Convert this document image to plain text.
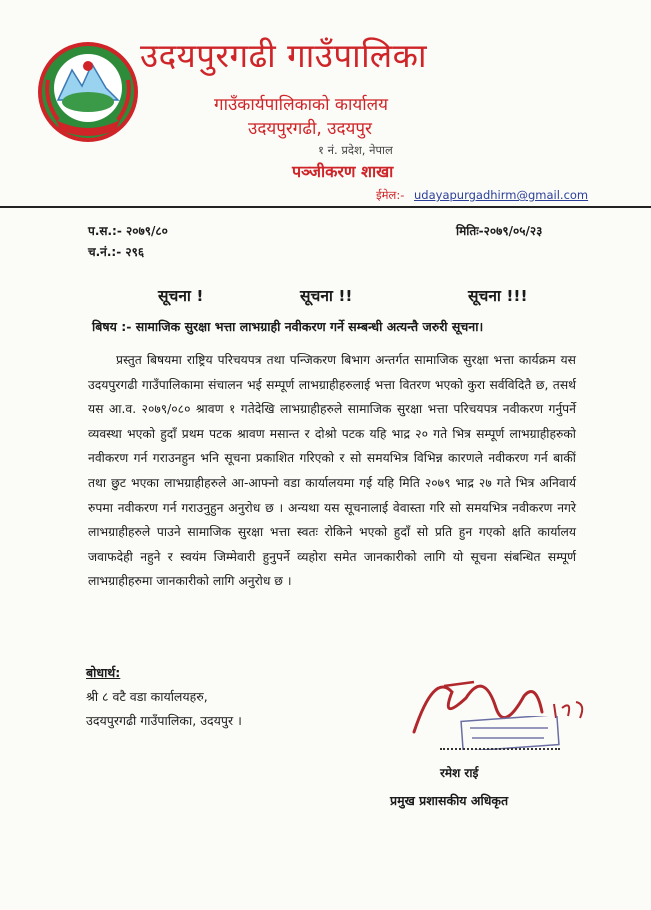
उदयपुरगढी गाउँपालिका
गाउँकार्यपालिकाको कार्यालय
उदयपुरगढी, उदयपुर
१ नं. प्रदेश, नेपाल
पञ्जीकरण शाखा
ईमेल:- udayapurgadhirm@gmail.com
प.स.:- २०७९/८०
च.नं.:- २९६
मितिः-२०७९/०५/२३
सूचना !	सूचना !!	सूचना !!!
बिषय :- सामाजिक सुरक्षा भत्ता लाभग्राही नवीकरण गर्ने सम्बन्धी अत्यन्तै जरुरी सूचना।
प्रस्तुत बिषयमा राष्ट्रिय परिचयपत्र तथा पन्जिकरण बिभाग अन्तर्गत सामाजिक सुरक्षा भत्ता कार्यक्रम यस उदयपुरगढी गाउँपालिकामा संचालन भई सम्पूर्ण लाभग्राहीहरुलाई भत्ता वितरण भएको कुरा सर्वविदितै छ, तसर्थ यस आ.व. २०७९/०८० श्रावण १ गतेदेखि लाभग्राहीहरुले सामाजिक सुरक्षा भत्ता परिचयपत्र नवीकरण गर्नुपर्ने व्यवस्था भएको हुदाँ प्रथम पटक श्रावण मसान्त र दोश्रो पटक यहि भाद्र २० गते भित्र सम्पूर्ण लाभग्राहीहरुको नवीकरण गर्न गराउनहुन भनि सूचना प्रकाशित गरिएको र सो समयभित्र विभिन्न कारणले नवीकरण गर्न बाकीं तथा छुट भएका लाभग्राहीहरुले आ-आफ्नो वडा कार्यालयमा गई यहि मिति २०७९ भाद्र २७ गते भित्र अनिवार्य रुपमा नवीकरण गर्न गराउनुहुन अनुरोध छ । अन्यथा यस सूचनालाई वेवास्ता गरि सो समयभित्र नवीकरण नगरे लाभग्राहीहरुले पाउने सामाजिक सुरक्षा भत्ता स्वतः रोकिने भएको हुदाँ सो प्रति हुन गएको क्षति कार्यालय जवाफदेही नहुने र स्वयंम जिम्मेवारी हुनुपर्ने व्यहोरा समेत जानकारीको लागि यो सूचना संबन्धित सम्पूर्ण लाभग्राहीहरुमा जानकारीको लागि अनुरोध छ ।
बोधार्थ:
श्री ८ वटै वडा कार्यालयहरु,
उदयपुरगढी गाउँपालिका, उदयपुर ।
रमेश राई
प्रमुख प्रशासकीय अधिकृत
